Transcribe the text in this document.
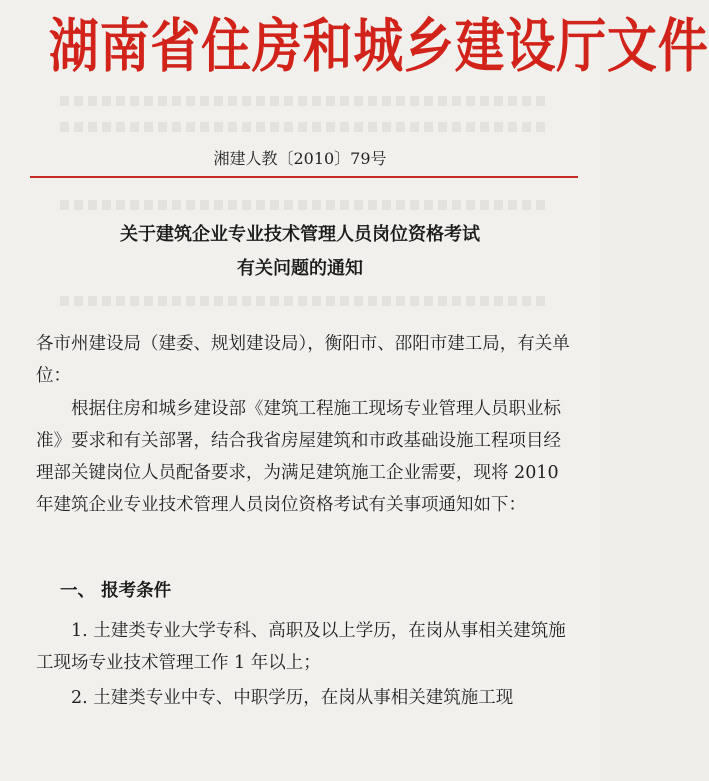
湖南省住房和城乡建设厅文件
湘建人教〔2010〕79号
关于建筑企业专业技术管理人员岗位资格考试
有关问题的通知
各市州建设局（建委、规划建设局），衡阳市、邵阳市建工局，有关单位：
根据住房和城乡建设部《建筑工程施工现场专业管理人员职业标准》要求和有关部署，结合我省房屋建筑和市政基础设施工程项目经理部关键岗位人员配备要求，为满足建筑施工企业需要，现将 2010 年建筑企业专业技术管理人员岗位资格考试有关事项通知如下：
一、 报考条件
1. 土建类专业大学专科、高职及以上学历，在岗从事相关建筑施工现场专业技术管理工作 1 年以上；
2. 土建类专业中专、中职学历，在岗从事相关建筑施工现
